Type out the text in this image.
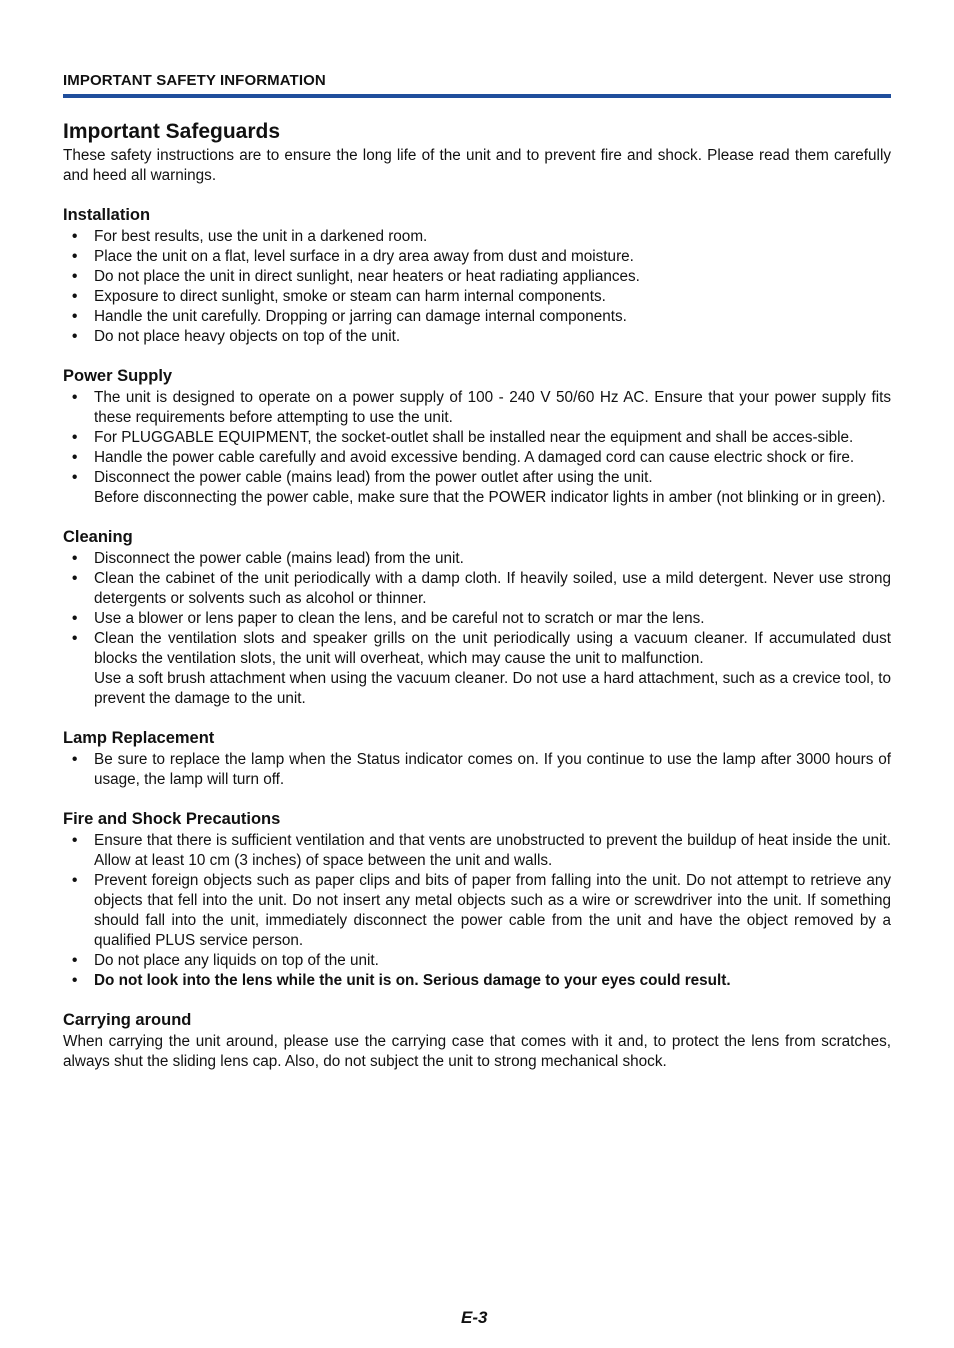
IMPORTANT SAFETY INFORMATION
Important Safeguards

These safety instructions are to ensure the long life of the unit and to prevent fire and shock. Please read them carefully and heed all warnings.

Installation
• For best results, use the unit in a darkened room.
• Place the unit on a flat, level surface in a dry area away from dust and moisture.
• Do not place the unit in direct sunlight, near heaters or heat radiating appliances.
• Exposure to direct sunlight, smoke or steam can harm internal components.
• Handle the unit carefully. Dropping or jarring can damage internal components.
• Do not place heavy objects on top of the unit.
Power Supply
• The unit is designed to operate on a power supply of 100 - 240 V 50/60 Hz AC. Ensure that your power supply fits these requirements before attempting to use the unit.
• For PLUGGABLE EQUIPMENT, the socket-outlet shall be installed near the equipment and shall be acces-sible.
• Handle the power cable carefully and avoid excessive bending. A damaged cord can cause electric shock or fire.
• Disconnect the power cable (mains lead) from the power outlet after using the unit.
Before disconnecting the power cable, make sure that the POWER indicator lights in amber (not blinking or in green).
Cleaning
• Disconnect the power cable (mains lead) from the unit.
• Clean the cabinet of the unit periodically with a damp cloth. If heavily soiled, use a mild detergent. Never use strong detergents or solvents such as alcohol or thinner.
• Use a blower or lens paper to clean the lens, and be careful not to scratch or mar the lens.
• Clean the ventilation slots and speaker grills on the unit periodically using a vacuum cleaner. If accumulated dust blocks the ventilation slots, the unit will overheat, which may cause the unit to malfunction.
Use a soft brush attachment when using the vacuum cleaner. Do not use a hard attachment, such as a crevice tool, to prevent the damage to the unit.
Lamp Replacement
• Be sure to replace the lamp when the Status indicator comes on. If you continue to use the lamp after 3000 hours of usage, the lamp will turn off.
Fire and Shock Precautions
• Ensure that there is sufficient ventilation and that vents are unobstructed to prevent the buildup of heat inside the unit. Allow at least 10 cm (3 inches) of space between the unit and walls.
• Prevent foreign objects such as paper clips and bits of paper from falling into the unit. Do not attempt to retrieve any objects that fell into the unit. Do not insert any metal objects such as a wire or screwdriver into the unit. If something should fall into the unit, immediately disconnect the power cable from the unit and have the object removed by a qualified PLUS service person.
• Do not place any liquids on top of the unit.
• Do not look into the lens while the unit is on. Serious damage to your eyes could result.
Carrying around

When carrying the unit around, please use the carrying case that comes with it and, to protect the lens from scratches, always shut the sliding lens cap. Also, do not subject the unit to strong mechanical shock.

E-3
